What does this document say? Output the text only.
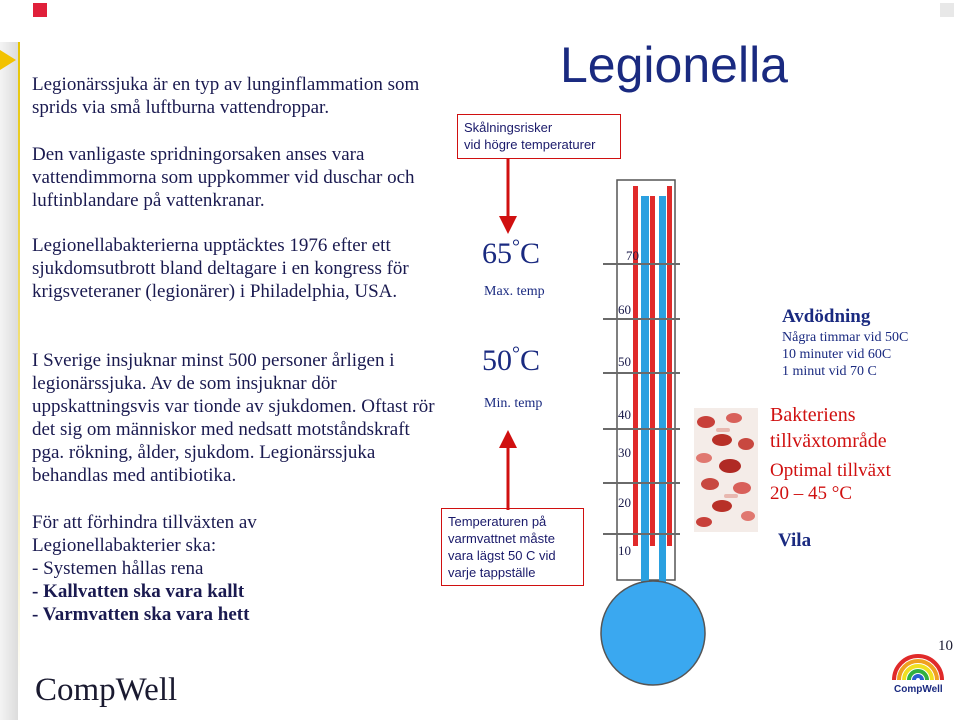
Legionella

Legionärssjuka är en typ av lunginflammation som sprids via små luftburna vattendroppar.

Den vanligaste spridningorsaken anses vara vattendimmorna som uppkommer vid duschar och luftinblandare på vattenkranar.

Legionellabakterierna upptäcktes 1976 efter ett sjukdomsutbrott bland deltagare i en kongress för krigsveteraner (legionärer) i Philadelphia, USA.

I Sverige insjuknar minst 500 personer årligen i legionärssjuka. Av de som insjuknar dör uppskattningsvis var tionde av sjukdomen. Oftast rör det sig om människor med nedsatt motståndskraft pga. rökning, ålder, sjukdom. Legionärssjuka behandlas med antibiotika.

För att förhindra tillväxten av

Legionellabakterier ska:

- Systemen hållas rena

- Kallvatten ska vara kallt

- Varmvatten ska vara hett

Skålningsrisker
vid högre temperaturer
Temperaturen på
varmvattnet måste
vara lägst 50 C vid
varje tappställe
65°C
Max. temp
50°C
Min. temp
70
60
50
40
30
20
10
Avdödning
Några timmar vid 50C
10 minuter vid 60C
1 minut vid 70 C
Bakteriens
tillväxtområde
Optimal tillväxt
20 – 45 °C
Vila
CompWell
10
CompWell
